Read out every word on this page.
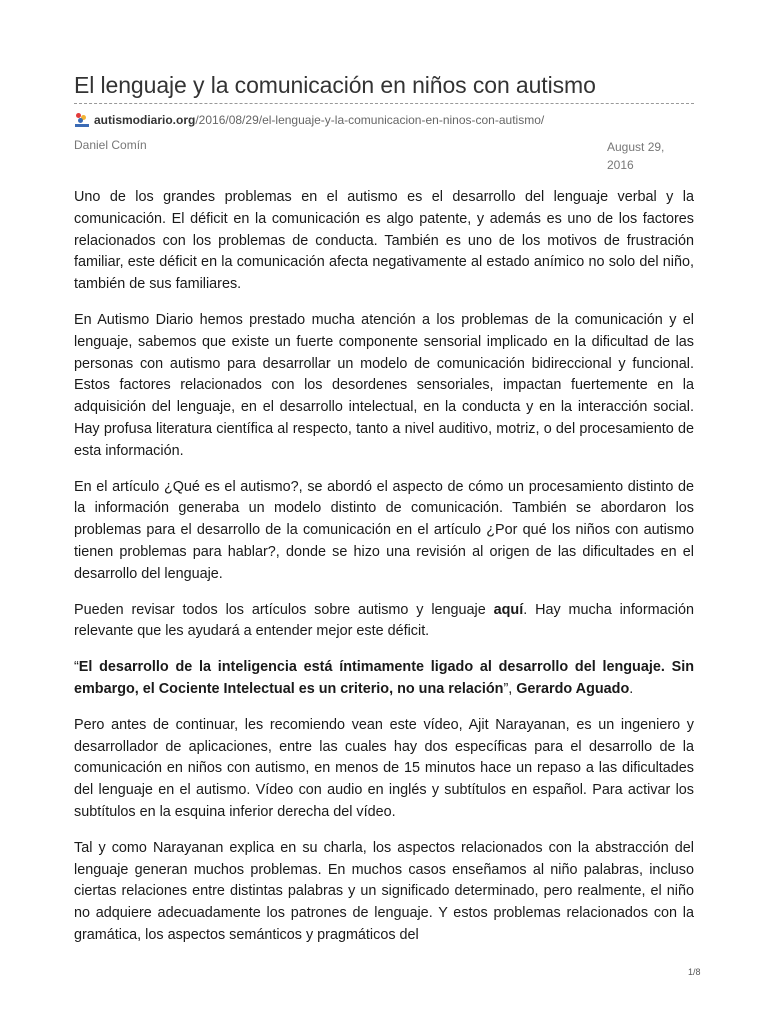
El lenguaje y la comunicación en niños con autismo
autismodiario.org /2016/08/29/el-lenguaje-y-la-comunicacion-en-ninos-con-autismo/
Daniel Comín	August 29, 2016

Uno de los grandes problemas en el autismo es el desarrollo del lenguaje verbal y la comunicación. El déficit en la comunicación es algo patente, y además es uno de los factores relacionados con los problemas de conducta. También es uno de los motivos de frustración familiar, este déficit en la comunicación afecta negativamente al estado anímico no solo del niño, también de sus familiares.

En Autismo Diario hemos prestado mucha atención a los problemas de la comunicación y el lenguaje, sabemos que existe un fuerte componente sensorial implicado en la dificultad de las personas con autismo para desarrollar un modelo de comunicación bidireccional y funcional. Estos factores relacionados con los desordenes sensoriales, impactan fuertemente en la adquisición del lenguaje, en el desarrollo intelectual, en la conducta y en la interacción social. Hay profusa literatura científica al respecto, tanto a nivel auditivo, motriz, o del procesamiento de esta información.

En el artículo ¿Qué es el autismo?, se abordó el aspecto de cómo un procesamiento distinto de la información generaba un modelo distinto de comunicación. También se abordaron los problemas para el desarrollo de la comunicación en el artículo ¿Por qué los niños con autismo tienen problemas para hablar?, donde se hizo una revisión al origen de las dificultades en el desarrollo del lenguaje.

Pueden revisar todos los artículos sobre autismo y lenguaje aquí. Hay mucha información relevante que les ayudará a entender mejor este déficit.

“El desarrollo de la inteligencia está íntimamente ligado al desarrollo del lenguaje. Sin embargo, el Cociente Intelectual es un criterio, no una relación”, Gerardo Aguado.

Pero antes de continuar, les recomiendo vean este vídeo, Ajit Narayanan, es un ingeniero y desarrollador de aplicaciones, entre las cuales hay dos específicas para el desarrollo de la comunicación en niños con autismo, en menos de 15 minutos hace un repaso a las dificultades del lenguaje en el autismo. Vídeo con audio en inglés y subtítulos en español. Para activar los subtítulos en la esquina inferior derecha del vídeo.

Tal y como Narayanan explica en su charla, los aspectos relacionados con la abstracción del lenguaje generan muchos problemas. En muchos casos enseñamos al niño palabras, incluso ciertas relaciones entre distintas palabras y un significado determinado, pero realmente, el niño no adquiere adecuadamente los patrones de lenguaje. Y estos problemas relacionados con la gramática, los aspectos semánticos y pragmáticos del

1/8
